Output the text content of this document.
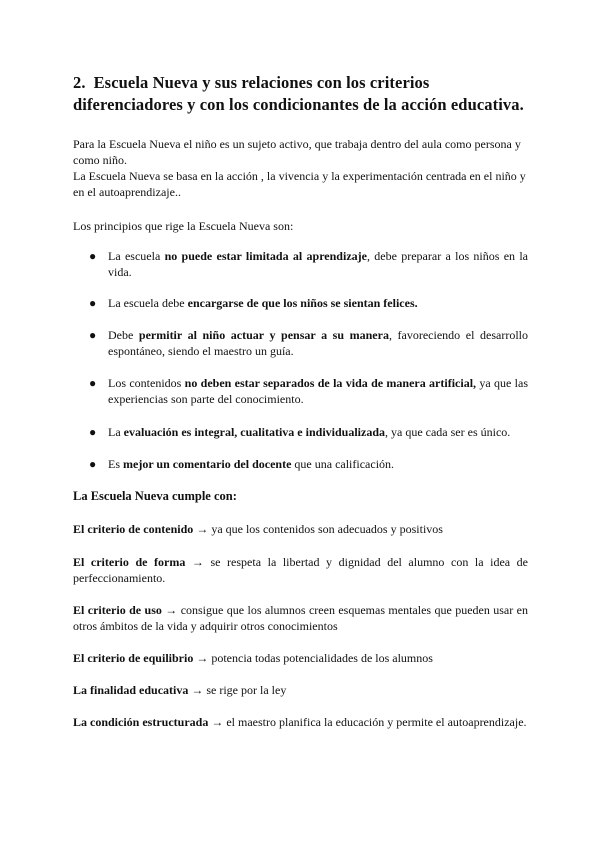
2. Escuela Nueva y sus relaciones con los criterios diferenciadores y con los condicionantes de la acción educativa.

Para la Escuela Nueva el niño es un sujeto activo, que trabaja dentro del aula como persona y como niño.

La Escuela Nueva se basa en la acción , la vivencia y la experimentación centrada en el niño y en el autoaprendizaje..

Los principios que rige la Escuela Nueva son:

● La escuela no puede estar limitada al aprendizaje, debe preparar a los niños en la vida.

● La escuela debe encargarse de que los niños se sientan felices.

● Debe permitir al niño actuar y pensar a su manera, favoreciendo el desarrollo espontáneo, siendo el maestro un guía.

● Los contenidos no deben estar separados de la vida de manera artificial, ya que las experiencias son parte del conocimiento.

● La evaluación es integral, cualitativa e individualizada, ya que cada ser es único.

● Es mejor un comentario del docente que una calificación.

La Escuela Nueva cumple con:

El criterio de contenido → ya que los contenidos son adecuados y positivos

El criterio de forma → se respeta la libertad y dignidad del alumno con la idea de perfeccionamiento.

El criterio de uso → consigue que los alumnos creen esquemas mentales que pueden usar en otros ámbitos de la vida y adquirir otros conocimientos

El criterio de equilibrio → potencia todas potencialidades de los alumnos

La finalidad educativa → se rige por la ley

La condición estructurada → el maestro planifica la educación y permite el autoaprendizaje.
